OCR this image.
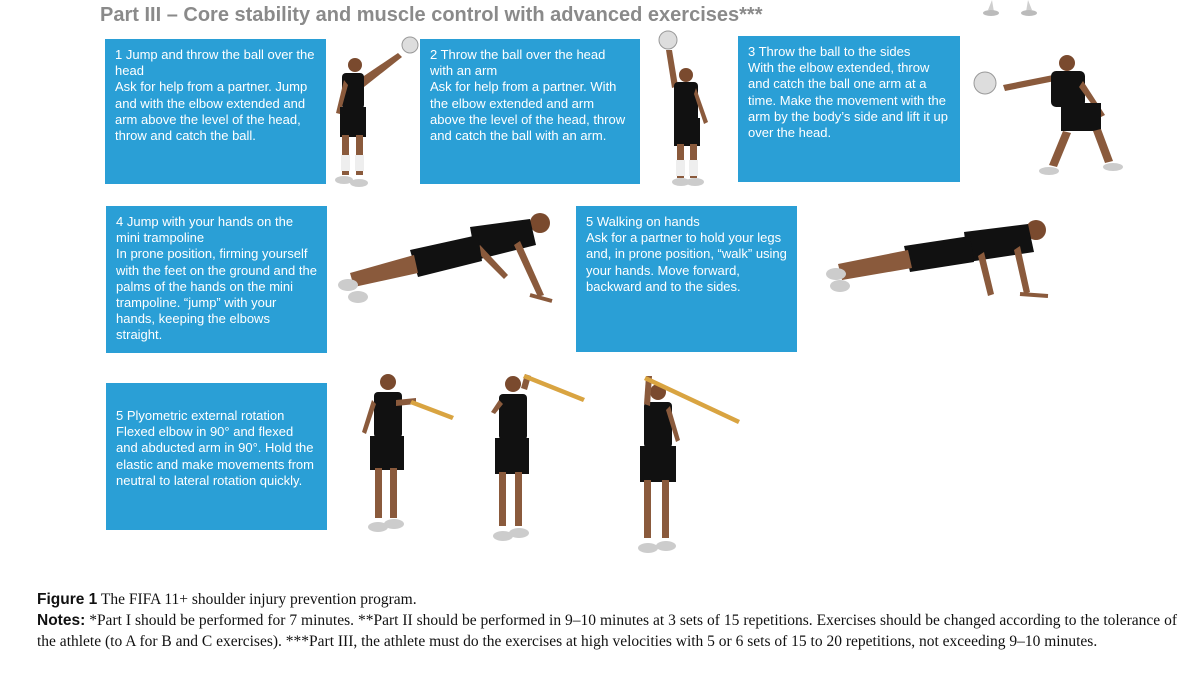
Part III – Core stability and muscle control with advanced exercises***
1 Jump and throw the ball over the head
Ask for help from a partner. Jump and with the elbow extended and arm above the level of the head, throw and catch the ball.
2 Throw the ball over the head with an arm
Ask for help from a partner. With the elbow extended and arm above the level of the head, throw and catch the ball with an arm.
3 Throw the ball to the sides
With the elbow extended, throw and catch the ball one arm at a time. Make the movement with the arm by the body’s side and lift it up over the head.
4 Jump with your hands on the mini trampoline
In prone position, firming yourself with the feet on the ground and the palms of the hands on the mini trampoline. “jump” with your hands, keeping the elbows straight.
5 Walking on hands
Ask for a partner to hold your legs and, in prone position, “walk” using your hands. Move forward, backward and to the sides.
5 Plyometric external rotation
Flexed elbow in 90° and flexed and abducted arm in 90°. Hold the elastic and make movements from neutral to lateral rotation quickly.
Figure 1 The FIFA 11+ shoulder injury prevention program.
Notes: *Part I should be performed for 7 minutes. **Part II should be performed in 9–10 minutes at 3 sets of 15 repetitions. Exercises should be changed according to the tolerance of the athlete (to A for B and C exercises). ***Part III, the athlete must do the exercises at high velocities with 5 or 6 sets of 15 to 20 repetitions, not exceeding 9–10 minutes.
